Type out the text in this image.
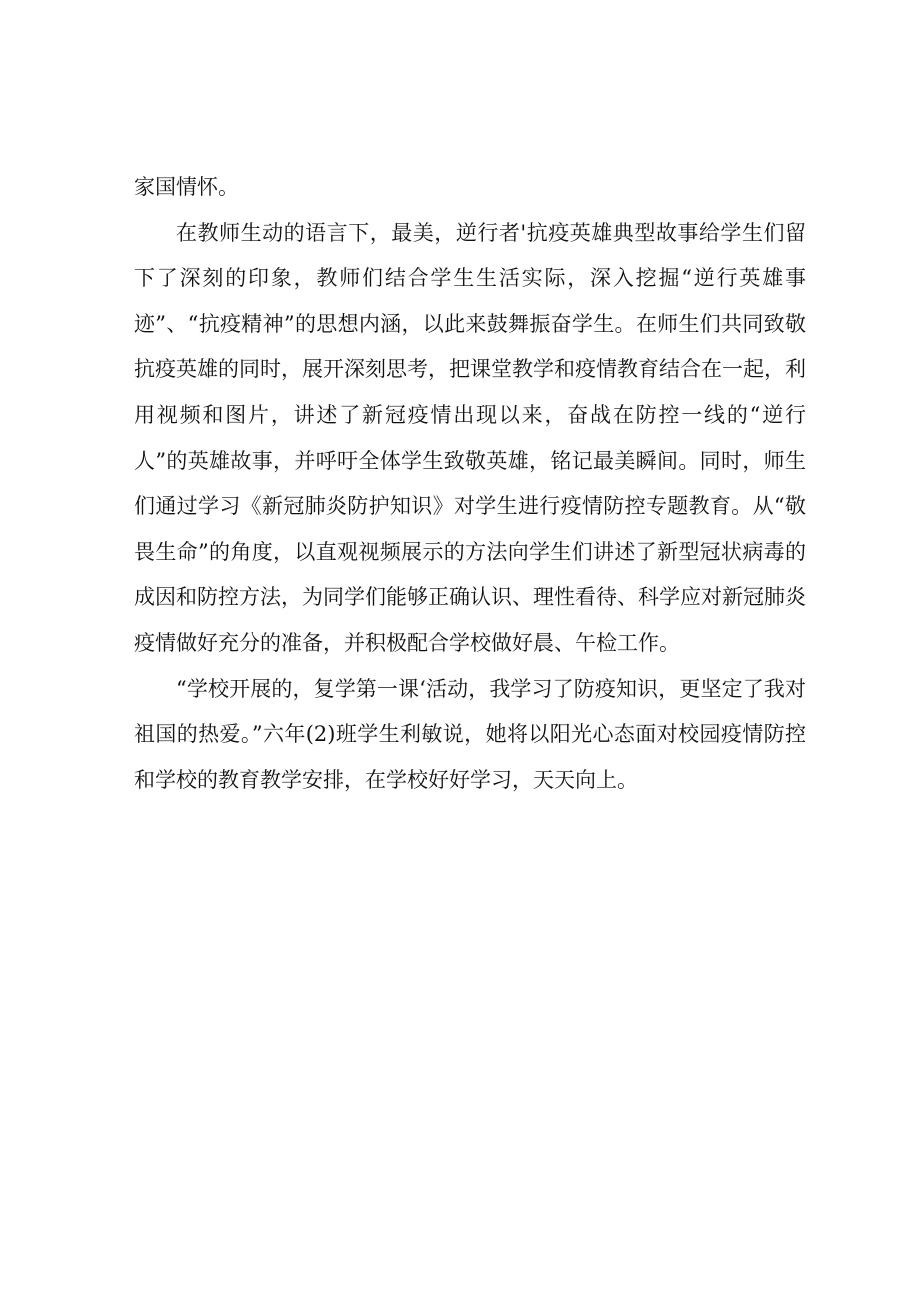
家国情怀。

在教师生动的语言下，最美，逆行者'抗疫英雄典型故事给学生们留下了深刻的印象，教师们结合学生生活实际，深入挖掘“逆行英雄事迹”、“抗疫精神”的思想内涵，以此来鼓舞振奋学生。在师生们共同致敬抗疫英雄的同时，展开深刻思考，把课堂教学和疫情教育结合在一起，利用视频和图片，讲述了新冠疫情出现以来，奋战在防控一线的“逆行人”的英雄故事，并呼吁全体学生致敬英雄，铭记最美瞬间。同时，师生们通过学习《新冠肺炎防护知识》对学生进行疫情防控专题教育。从“敬畏生命”的角度，以直观视频展示的方法向学生们讲述了新型冠状病毒的成因和防控方法，为同学们能够正确认识、理性看待、科学应对新冠肺炎疫情做好充分的准备，并积极配合学校做好晨、午检工作。

“学校开展的，复学第一课‘活动，我学习了防疫知识，更坚定了我对祖国的热爱。”六年(2)班学生利敏说，她将以阳光心态面对校园疫情防控和学校的教育教学安排，在学校好好学习，天天向上。
